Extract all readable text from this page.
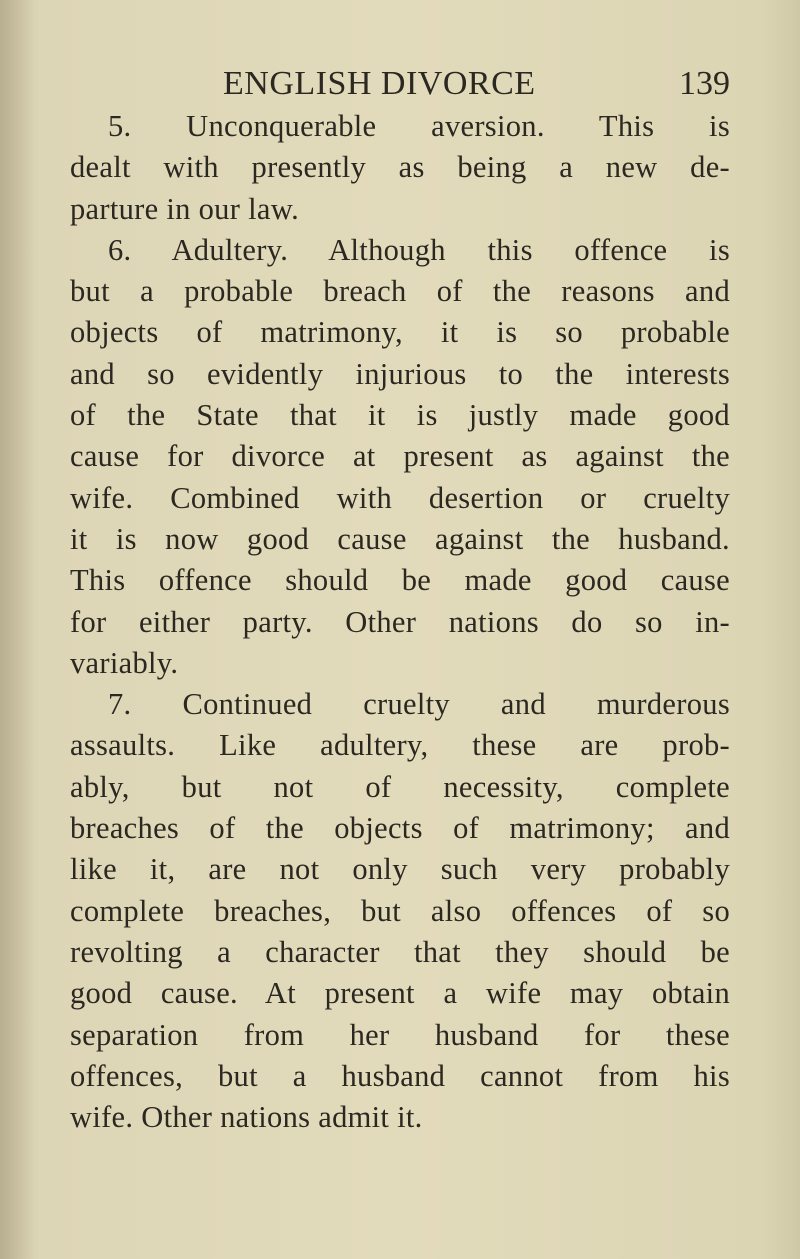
ENGLISH DIVORCE	139
5. Unconquerable aversion. This is
dealt with presently as being a new de-
parture in our law.
6. Adultery. Although this offence is
but a probable breach of the reasons and
objects of matrimony, it is so probable
and so evidently injurious to the interests
of the State that it is justly made good
cause for divorce at present as against the
wife. Combined with desertion or cruelty
it is now good cause against the husband.
This offence should be made good cause
for either party. Other nations do so in-
variably.
7. Continued cruelty and murderous
assaults. Like adultery, these are prob-
ably, but not of necessity, complete
breaches of the objects of matrimony; and
like it, are not only such very probably
complete breaches, but also offences of so
revolting a character that they should be
good cause. At present a wife may obtain
separation from her husband for these
offences, but a husband cannot from his
wife. Other nations admit it.
